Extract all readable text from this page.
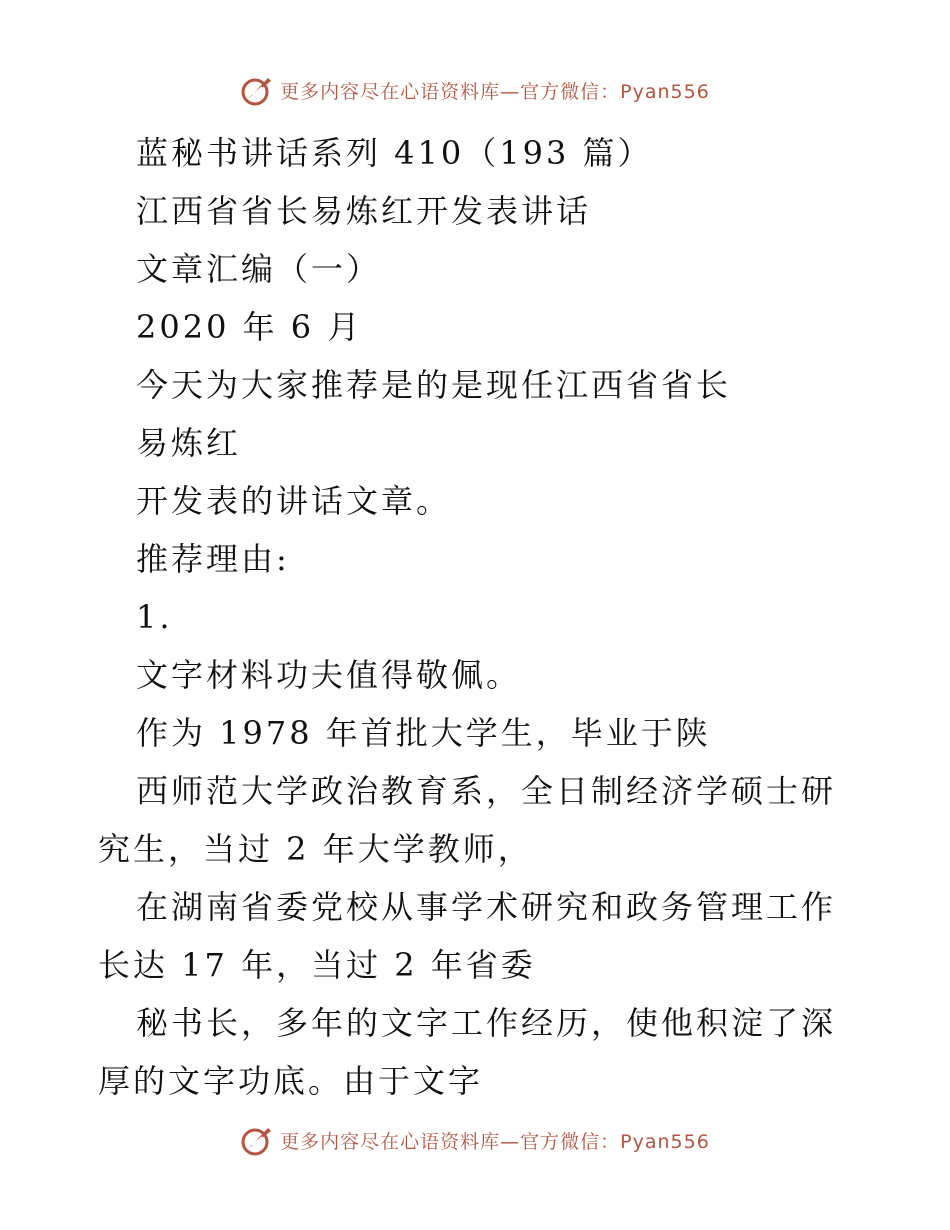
更多内容尽在心语资料库—官方微信：Pyan556

蓝秘书讲话系列 410（193 篇）

江西省省长易炼红开发表讲话

文章汇编（一）

2020 年 6 月

今天为大家推荐是的是现任江西省省长

易炼红

开发表的讲话文章。

推荐理由:

1.

文字材料功夫值得敬佩。

作为 1978 年首批大学生，毕业于陕

西师范大学政治教育系，全日制经济学硕士研究生，当过 2 年大学教师，

在湖南省委党校从事学术研究和政务管理工作长达 17 年，当过 2 年省委

秘书长，多年的文字工作经历，使他积淀了深厚的文字功底。由于文字

更多内容尽在心语资料库—官方微信：Pyan556
